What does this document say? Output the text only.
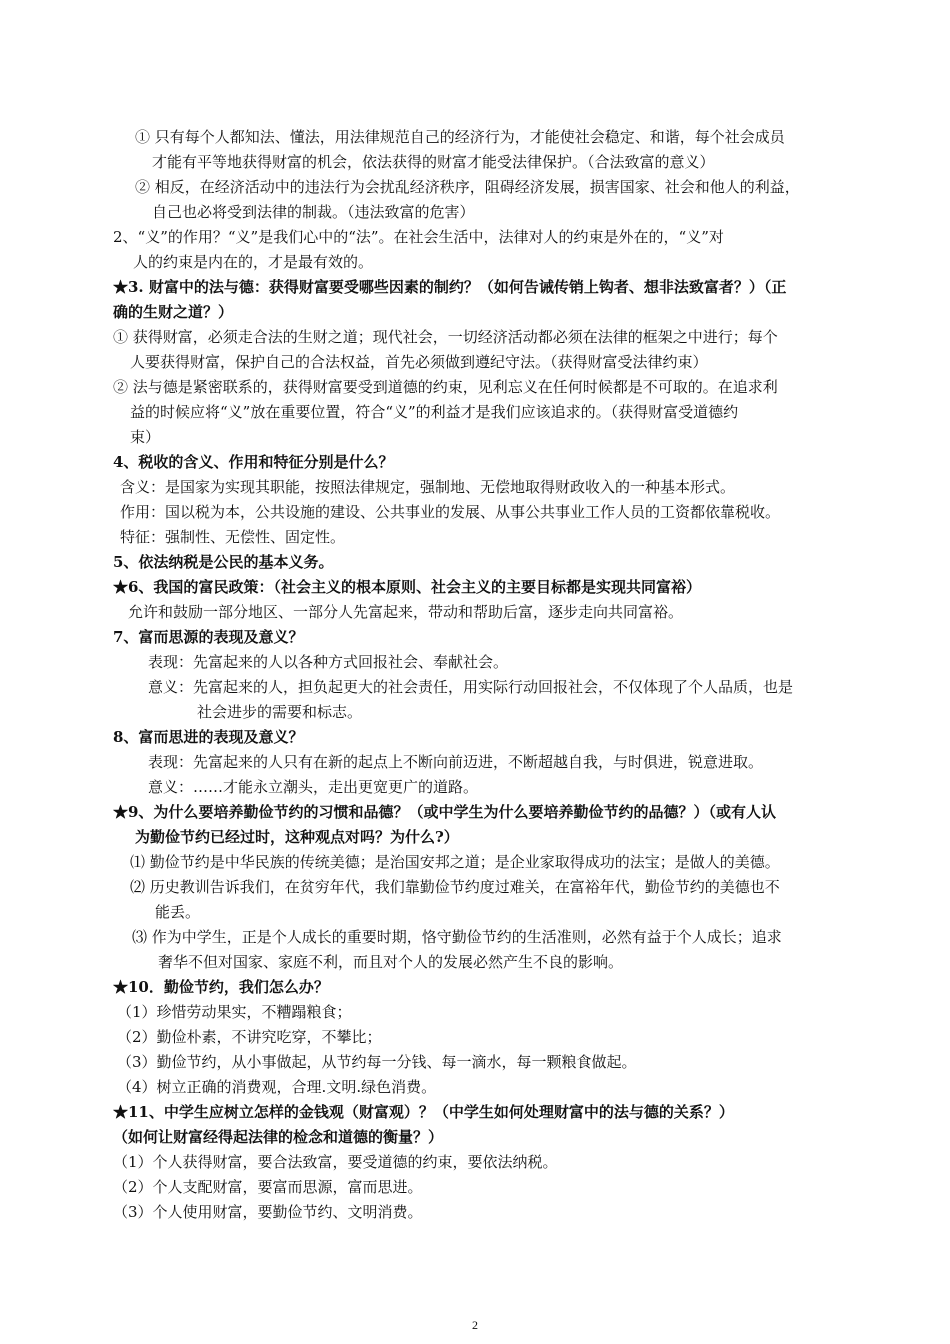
① 只有每个人都知法、懂法，用法律规范自己的经济行为，才能使社会稳定、和谐，每个社会成员
才能有平等地获得财富的机会，依法获得的财富才能受法律保护。（合法致富的意义）
② 相反，在经济活动中的违法行为会扰乱经济秩序，阻碍经济发展，损害国家、社会和他人的利益，
自己也必将受到法律的制裁。（违法致富的危害）
2、“义”的作用？“义”是我们心中的“法”。在社会生活中，法律对人的约束是外在的，“义”对
人的约束是内在的，才是最有效的。
★3. 财富中的法与德：获得财富要受哪些因素的制约？（如何告诫传销上钩者、想非法致富者？）（正
确的生财之道？）
① 获得财富，必须走合法的生财之道；现代社会，一切经济活动都必须在法律的框架之中进行；每个
人要获得财富，保护自己的合法权益，首先必须做到遵纪守法。（获得财富受法律约束）
② 法与德是紧密联系的，获得财富要受到道德的约束，见利忘义在任何时候都是不可取的。在追求利
益的时候应将“义”放在重要位置，符合“义”的利益才是我们应该追求的。（获得财富受道德约
束）
4、税收的含义、作用和特征分别是什么？
含义：是国家为实现其职能，按照法律规定，强制地、无偿地取得财政收入的一种基本形式。
作用：国以税为本，公共设施的建设、公共事业的发展、从事公共事业工作人员的工资都依靠税收。
特征：强制性、无偿性、固定性。
5、依法纳税是公民的基本义务。
★6、我国的富民政策：（社会主义的根本原则、社会主义的主要目标都是实现共同富裕）
允许和鼓励一部分地区、一部分人先富起来，带动和帮助后富，逐步走向共同富裕。
7、富而思源的表现及意义？
表现：先富起来的人以各种方式回报社会、奉献社会。
意义：先富起来的人，担负起更大的社会责任，用实际行动回报社会，不仅体现了个人品质，也是
社会进步的需要和标志。
8、富而思进的表现及意义？
表现：先富起来的人只有在新的起点上不断向前迈进，不断超越自我，与时俱进，锐意进取。
意义：……才能永立潮头，走出更宽更广的道路。
★9、为什么要培养勤俭节约的习惯和品德？（或中学生为什么要培养勤俭节约的品德？）（或有人认
为勤俭节约已经过时，这种观点对吗？为什么?）
⑴ 勤俭节约是中华民族的传统美德；是治国安邦之道；是企业家取得成功的法宝；是做人的美德。
⑵ 历史教训告诉我们，在贫穷年代，我们靠勤俭节约度过难关，在富裕年代，勤俭节约的美德也不
能丢。
⑶ 作为中学生，正是个人成长的重要时期，恪守勤俭节约的生活准则，必然有益于个人成长；追求
奢华不但对国家、家庭不利，而且对个人的发展必然产生不良的影响。
★10．勤俭节约，我们怎么办？
（1）珍惜劳动果实，不糟蹋粮食；
（2）勤俭朴素，不讲究吃穿，不攀比；
（3）勤俭节约，从小事做起，从节约每一分钱、每一滴水，每一颗粮食做起。
（4）树立正确的消费观，合理.文明.绿色消费。
★11、中学生应树立怎样的金钱观（财富观）？（中学生如何处理财富中的法与德的关系？）
（如何让财富经得起法律的检念和道德的衡量？）
（1）个人获得财富，要合法致富，要受道德的约束，要依法纳税。
（2）个人支配财富，要富而思源，富而思进。
（3）个人使用财富，要勤俭节约、文明消费。
2
